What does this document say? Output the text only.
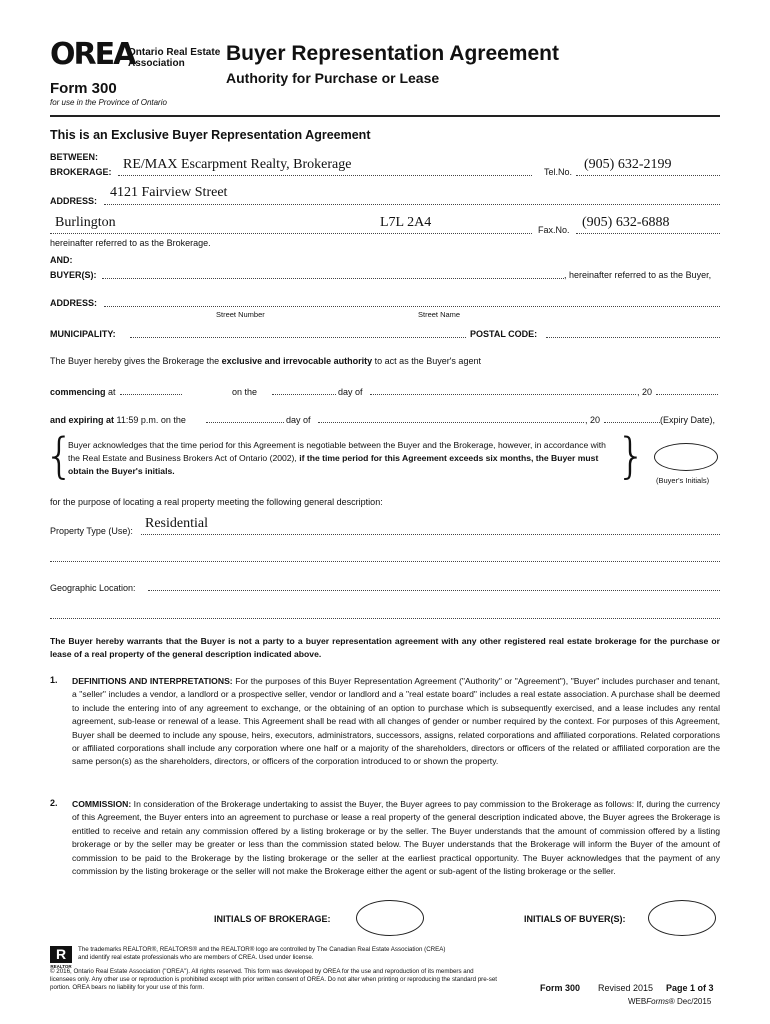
OREA
Ontario Real Estate
Association
Form 300
for use in the Province of Ontario
Buyer Representation Agreement
Authority for Purchase or Lease
This is an Exclusive Buyer Representation Agreement
BETWEEN:
BROKERAGE: RE/MAX Escarpment Realty, Brokerage	Tel.No. (905) 632-2199
ADDRESS:
4121 Fairview Street
Burlington	L7L 2A4	Fax.No. (905) 632-6888
hereinafter referred to as the Brokerage.
AND:
BUYER(S):	, hereinafter referred to as the Buyer,
ADDRESS:
Street Number	Street Name
MUNICIPALITY:	POSTAL CODE:
The Buyer hereby gives the Brokerage the exclusive and irrevocable authority to act as the Buyer's agent
commencing at	on the	day of	, 20
and expiring at 11:59 p.m. on the	day of	, 20	(Expiry Date),
{
Buyer acknowledges that the time period for this Agreement is negotiable between the Buyer and the Brokerage, however, in accordance with the Real Estate and Business Brokers Act of Ontario (2002), if the time period for this Agreement exceeds six months, the Buyer must obtain the Buyer's initials.	} (Buyer's Initials)
for the purpose of locating a real property meeting the following general description:
Property Type (Use): Residential
Geographic Location:
The Buyer hereby warrants that the Buyer is not a party to a buyer representation agreement with any other registered real estate brokerage for the purchase or lease of a real property of the general description indicated above.
1. DEFINITIONS AND INTERPRETATIONS: For the purposes of this Buyer Representation Agreement ("Authority" or "Agreement"), "Buyer" includes purchaser and tenant, a "seller" includes a vendor, a landlord or a prospective seller, vendor or landlord and a "real estate board" includes a real estate association. A purchase shall be deemed to include the entering into of any agreement to exchange, or the obtaining of an option to purchase which is subsequently exercised, and a lease includes any rental agreement, sub-lease or renewal of a lease. This Agreement shall be read with all changes of gender or number required by the context. For purposes of this Agreement, Buyer shall be deemed to include any spouse, heirs, executors, administrators, successors, assigns, related corporations and affiliated corporations. Related corporations or affiliated corporations shall include any corporation where one half or a majority of the shareholders, directors or officers of the related or affiliated corporation are the same person(s) as the shareholders, directors, or officers of the corporation introduced to or shown the property.
2. COMMISSION: In consideration of the Brokerage undertaking to assist the Buyer, the Buyer agrees to pay commission to the Brokerage as follows: If, during the currency of this Agreement, the Buyer enters into an agreement to purchase or lease a real property of the general description indicated above, the Buyer agrees the Brokerage is entitled to receive and retain any commission offered by a listing brokerage or by the seller. The Buyer understands that the amount of commission offered by a listing brokerage or by the seller may be greater or less than the commission stated below. The Buyer understands that the Brokerage will inform the Buyer of the amount of commission to be paid to the Brokerage by the listing brokerage or the seller at the earliest practical opportunity. The Buyer acknowledges that the payment of any commission by the listing brokerage or the seller will not make the Brokerage either the agent or sub-agent of the listing brokerage or the seller.
INITIALS OF BROKERAGE:	INITIALS OF BUYER(S):
R
REALTOR
The trademarks REALTOR®, REALTORS® and the REALTOR® logo are controlled by The Canadian Real Estate Association (CREA) and identify real estate professionals who are members of CREA. Used under license.
© 2016, Ontario Real Estate Association ("OREA"). All rights reserved. This form was developed by OREA for the use and reproduction of its members and licensees only. Any other use or reproduction is prohibited except with prior written consent of OREA. Do not alter when printing or reproducing the standard pre-set portion. OREA bears no liability for your use of this form.	Form 300 Revised 2015 Page 1 of 3
WEBForms® Dec/2015
